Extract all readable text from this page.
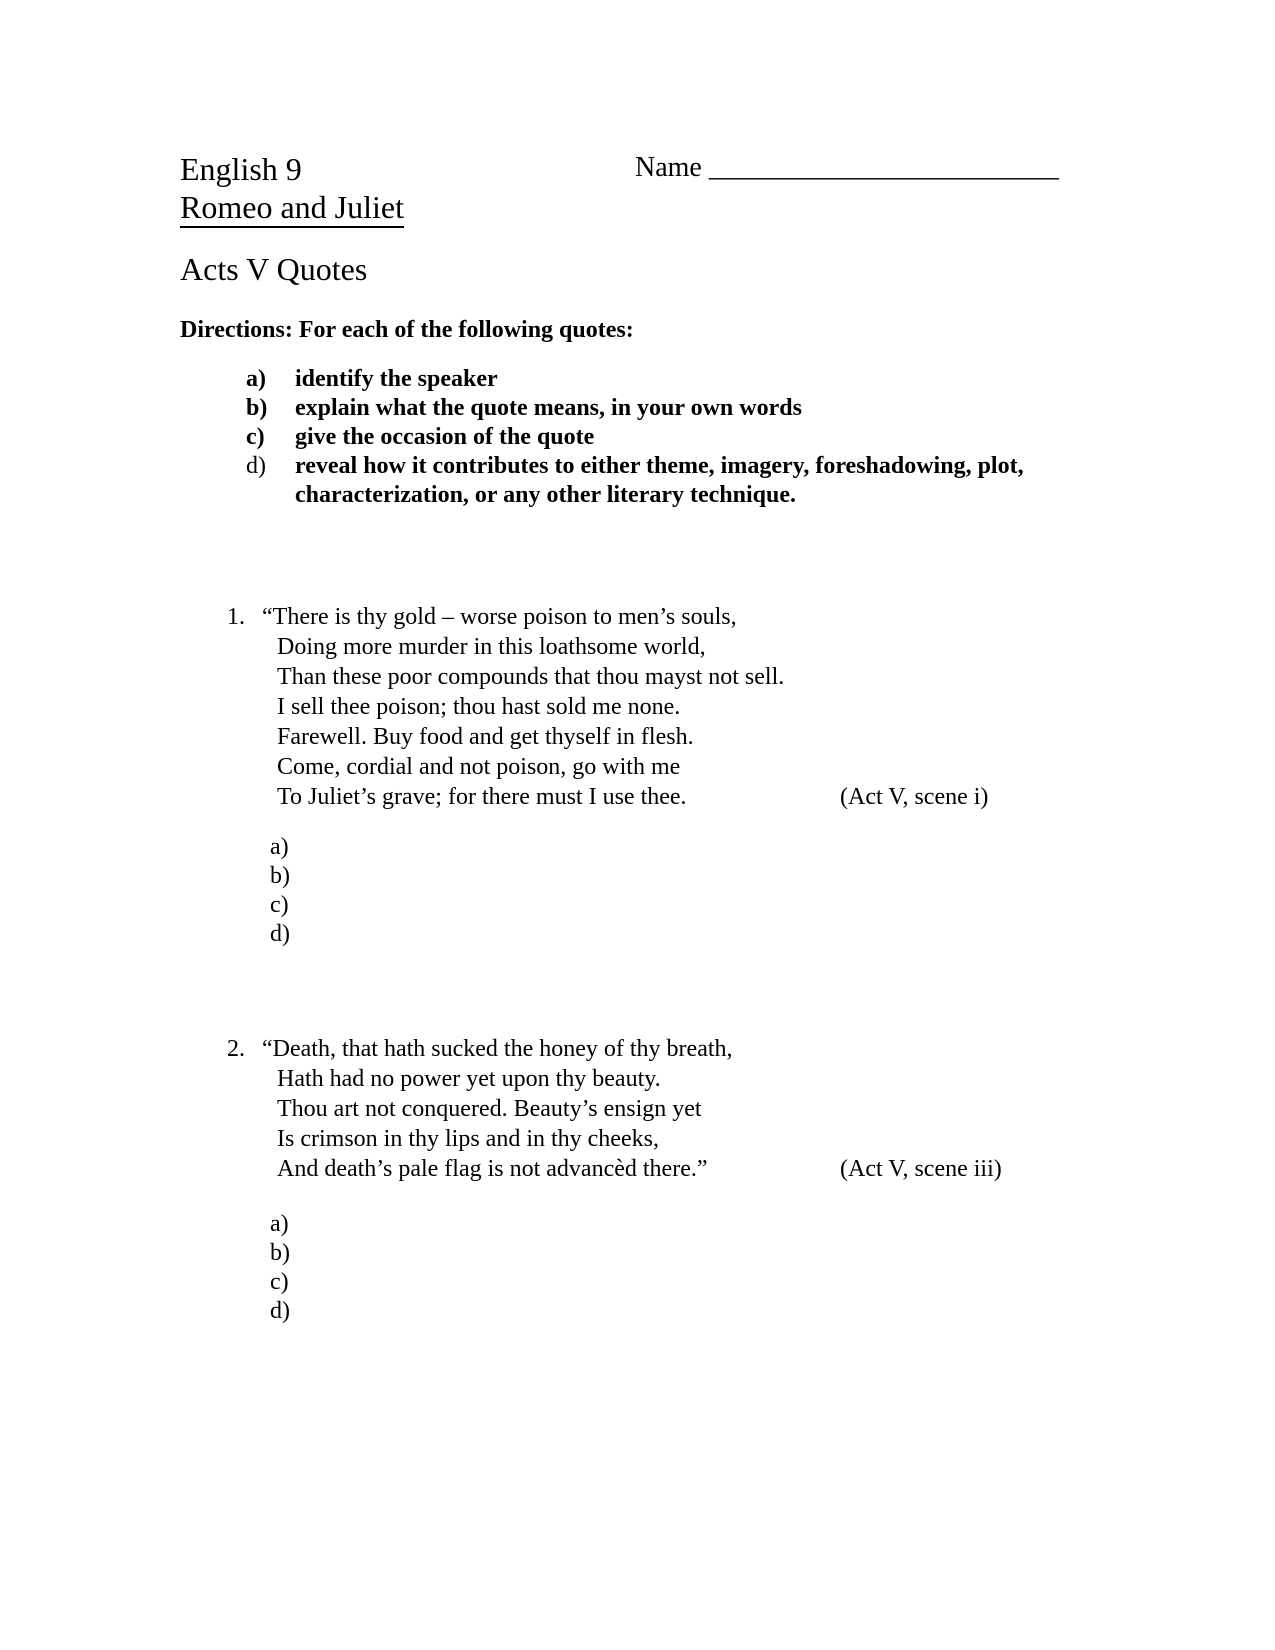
English 9
Romeo and Juliet
Name _________________________
Acts V Quotes
Directions: For each of the following quotes:
a)	identify the speaker
b)	explain what the quote means, in your own words
c)	give the occasion of the quote
d)	reveal how it contributes to either theme, imagery, foreshadowing, plot,
characterization, or any other literary technique.
1. “There is thy gold – worse poison to men’s souls,
Doing more murder in this loathsome world,
Than these poor compounds that thou mayst not sell.
I sell thee poison; thou hast sold me none.
Farewell. Buy food and get thyself in flesh.
Come, cordial and not poison, go with me
To Juliet’s grave; for there must I use thee.	(Act V, scene i)
a)
b)
c)
d)
2. “Death, that hath sucked the honey of thy breath,
Hath had no power yet upon thy beauty.
Thou art not conquered. Beauty’s ensign yet
Is crimson in thy lips and in thy cheeks,
And death’s pale flag is not advancèd there.”	(Act V, scene iii)
a)
b)
c)
d)
